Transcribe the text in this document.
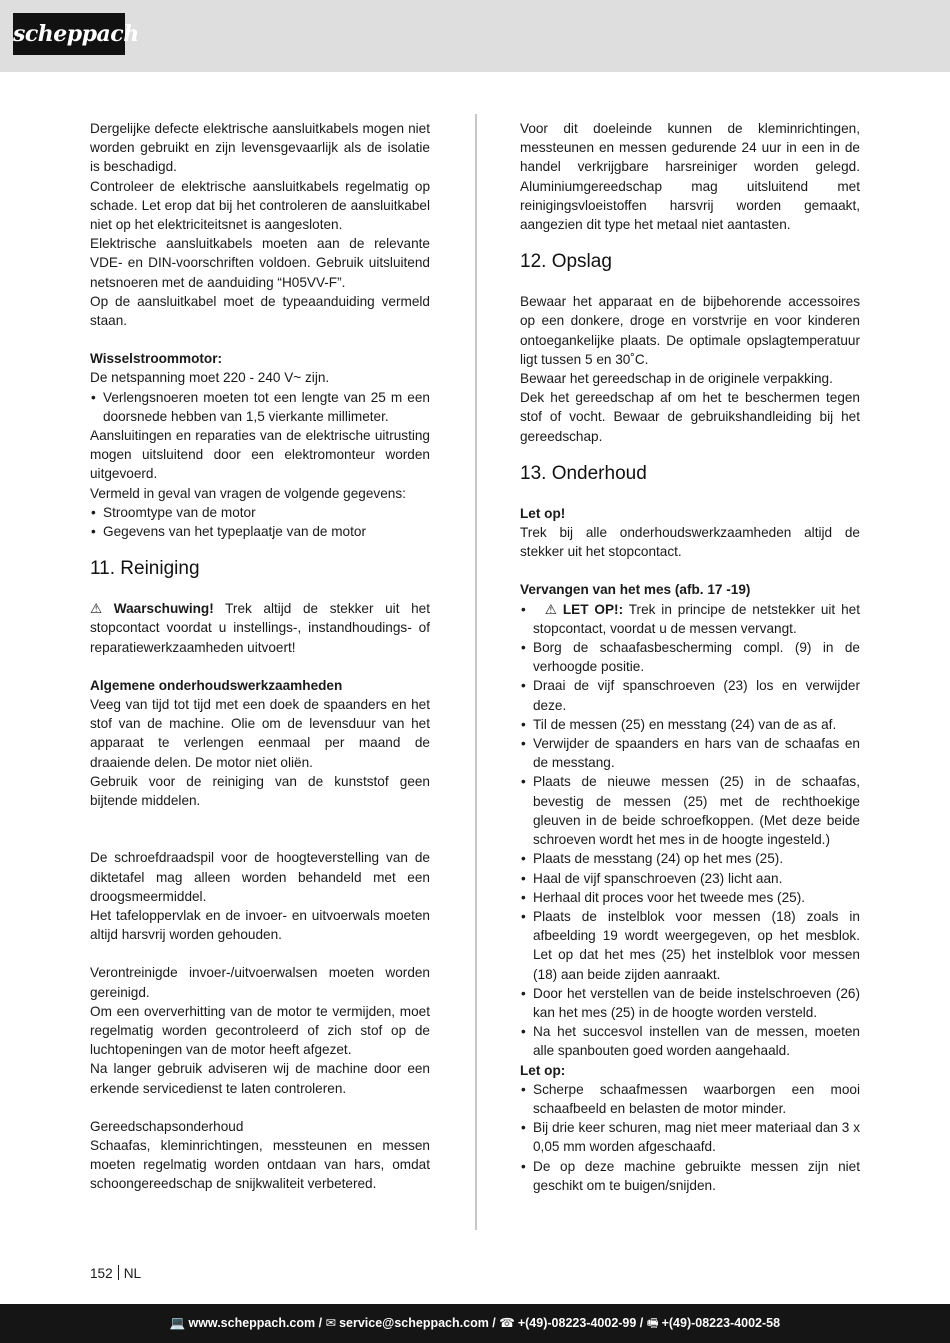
scheppach

Dergelijke defecte elektrische aansluitkabels mogen niet worden gebruikt en zijn levensgevaarlijk als de isolatie is beschadigd.

Controleer de elektrische aansluitkabels regelmatig op schade. Let erop dat bij het controleren de aansluitkabel niet op het elektriciteitsnet is aangesloten.

Elektrische aansluitkabels moeten aan de relevante VDE- en DIN-voorschriften voldoen. Gebruik uitsluitend netsnoeren met de aanduiding “H05VV-F”.

Op de aansluitkabel moet de typeaanduiding vermeld staan.

Wisselstroommotor:

De netspanning moet 220 - 240 V~ zijn.

• Verlengsnoeren moeten tot een lengte van 25 m een doorsnede hebben van 1,5 vierkante millimeter.

Aansluitingen en reparaties van de elektrische uitrusting mogen uitsluitend door een elektromonteur worden uitgevoerd.

Vermeld in geval van vragen de volgende gegevens:

• Stroomtype van de motor
• Gegevens van het typeplaatje van de motor
11. Reiniging

⚠ Waarschuwing! Trek altijd de stekker uit het stopcontact voordat u instellings-, instandhoudings- of reparatiewerkzaamheden uitvoert!

Algemene onderhoudswerkzaamheden

Veeg van tijd tot tijd met een doek de spaanders en het stof van de machine. Olie om de levensduur van het apparaat te verlengen eenmaal per maand de draaiende delen. De motor niet oliën.

Gebruik voor de reiniging van de kunststof geen bijtende middelen.

De schroefdraadspil voor de hoogteverstelling van de diktetafel mag alleen worden behandeld met een droogsmeermiddel.

Het tafeloppervlak en de invoer- en uitvoerwals moeten altijd harsvrij worden gehouden.

Verontreinigde invoer-/uitvoerwalsen moeten worden gereinigd.

Om een oververhitting van de motor te vermijden, moet regelmatig worden gecontroleerd of zich stof op de luchtopeningen van de motor heeft afgezet.

Na langer gebruik adviseren wij de machine door een erkende servicedienst te laten controleren.

Gereedschapsonderhoud

Schaafas, kleminrichtingen, messteunen en messen moeten regelmatig worden ontdaan van hars, omdat schoongereedschap de snijkwaliteit verbetered.

Voor dit doeleinde kunnen de kleminrichtingen, messteunen en messen gedurende 24 uur in een in de handel verkrijgbare harsreiniger worden gelegd. Aluminiumgereedschap mag uitsluitend met reinigingsvloeistoffen harsvrij worden gemaakt, aangezien dit type het metaal niet aantasten.

12. Opslag

Bewaar het apparaat en de bijbehorende accessoires op een donkere, droge en vorstvrije en voor kinderen ontoegankelijke plaats. De optimale opslagtemperatuur ligt tussen 5 en 30˚C.

Bewaar het gereedschap in de originele verpakking.

Dek het gereedschap af om het te beschermen tegen stof of vocht. Bewaar de gebruikshandleiding bij het gereedschap.

13. Onderhoud

Let op!

Trek bij alle onderhoudswerkzaamheden altijd de stekker uit het stopcontact.

Vervangen van het mes (afb. 17 -19)

• ⚠ LET OP!: Trek in principe de netstekker uit het stopcontact, voordat u de messen vervangt.
• Borg de schaafasbescherming compl. (9) in de verhoogde positie.
• Draai de vijf spanschroeven (23) los en verwijder deze.
• Til de messen (25) en messtang (24) van de as af.
• Verwijder de spaanders en hars van de schaafas en de messtang.
• Plaats de nieuwe messen (25) in de schaafas, bevestig de messen (25) met de rechthoekige gleuven in de beide schroefkoppen. (Met deze beide schroeven wordt het mes in de hoogte ingesteld.)
• Plaats de messtang (24) op het mes (25).
• Haal de vijf spanschroeven (23) licht aan.
• Herhaal dit proces voor het tweede mes (25).
• Plaats de instelblok voor messen (18) zoals in afbeelding 19 wordt weergegeven, op het mesblok. Let op dat het mes (25) het instelblok voor messen (18) aan beide zijden aanraakt.
• Door het verstellen van de beide instelschroeven (26) kan het mes (25) in de hoogte worden versteld.
• Na het succesvol instellen van de messen, moeten alle spanbouten goed worden aangehaald.

Let op:

• Scherpe schaafmessen waarborgen een mooi schaafbeeld en belasten de motor minder.
• Bij drie keer schuren, mag niet meer materiaal dan 3 x 0,05 mm worden afgeschaafd.
• De op deze machine gebruikte messen zijn niet geschikt om te buigen/snijden.
152 NL
💻 www.scheppach.com / ✉ service@scheppach.com / ☎ +(49)-08223-4002-99 / 🖷 +(49)-08223-4002-58
